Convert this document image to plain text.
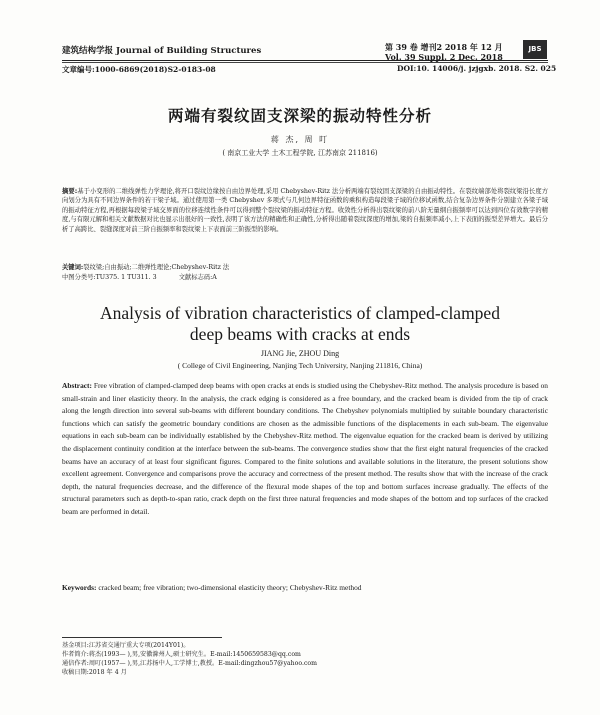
建筑结构学报 Journal of Building Structures	第 39 卷 增刊2 2018 年 12 月
Vol. 39 Suppl. 2 Dec. 2018
JBS
文章编号:1000-6869(2018)S2-0183-08	DOI:10. 14006/j. jzjgxb. 2018. S2. 025
两端有裂纹固支深梁的振动特性分析
蒋 杰, 周 叮
( 南京工业大学 土木工程学院, 江苏南京 211816)
摘要:基于小变形的二维线弹性力学理论,将开口裂纹边缘按自由边界处理,采用 Chebyshev-Ritz 法分析两端有裂纹固支深梁的自由振动特性。在裂纹端部处将裂纹梁沿长度方向划分为具有不同边界条件的若干梁子域。通过使用第一类 Chebyshev 多项式与几何边界特征函数的乘积构造每段梁子域的位移试函数,结合复杂边界条件分别建立各梁子域的振动特征方程,再根据每段梁子域交界面的位移连续性条件可以得到整个裂纹梁的振动特征方程。收敛性分析得出裂纹梁的前八阶无量纲自振频率可以达到四位有效数字的精度,与有限元解和相关文献数据对比也显示出很好的一致性,表明了该方法的精确性和正确性,分析得出随着裂纹深度的增加,梁的自振频率减小,上下表面的振型差异增大。最后分析了高跨比、裂缝深度对前三阶自振频率和裂纹梁上下表面前三阶振型的影响。
关键词:裂纹梁;自由振动;二维弹性理论;Chebyshev-Ritz 法
中图分类号:TU375. 1 TU311. 3	文献标志码:A
Analysis of vibration characteristics of clamped-clamped
deep beams with cracks at ends
JIANG Jie, ZHOU Ding
( College of Civil Engineering, Nanjing Tech University, Nanjing 211816, China)
Abstract: Free vibration of clamped-clamped deep beams with open cracks at ends is studied using the Chebyshev-Ritz method. The analysis procedure is based on small-strain and liner elasticity theory. In the analysis, the crack edging is considered as a free boundary, and the cracked beam is divided from the tip of crack along the length direction into several sub-beams with different boundary conditions. The Chebyshev polynomials multiplied by suitable boundary characteristic functions which can satisfy the geometric boundary conditions are chosen as the admissible functions of the displacements in each sub-beam. The eigenvalue equations in each sub-beam can be individually established by the Chebyshev-Ritz method. The eigenvalue equation for the cracked beam is derived by utilizing the displacement continuity condition at the interface between the sub-beams. The convergence studies show that the first eight natural frequencies of the cracked beams have an accuracy of at least four significant figures. Compared to the finite solutions and available solutions in the literature, the present solutions show excellent agreement. Convergence and comparisons prove the accuracy and correctness of the present method. The results show that with the increase of the crack depth, the natural frequencies decrease, and the difference of the flexural mode shapes of the top and bottom surfaces increase gradually. The effects of the structural parameters such as depth-to-span ratio, crack depth on the first three natural frequencies and mode shapes of the bottom and top surfaces of the cracked beam are performed in detail.
Keywords: cracked beam; free vibration; two-dimensional elasticity theory; Chebyshev-Ritz method
基金项目:江苏省交通厅重大专项(2014Y01)。
作者简介:蒋杰(1993— ),男,安徽滁州人,硕士研究生。E-mail:1450659583@qq.com
通信作者:周叮(1957— ),男,江苏扬中人,工学博士,教授。E-mail:dingzhou57@yahoo.com
收稿日期:2018 年 4 月
